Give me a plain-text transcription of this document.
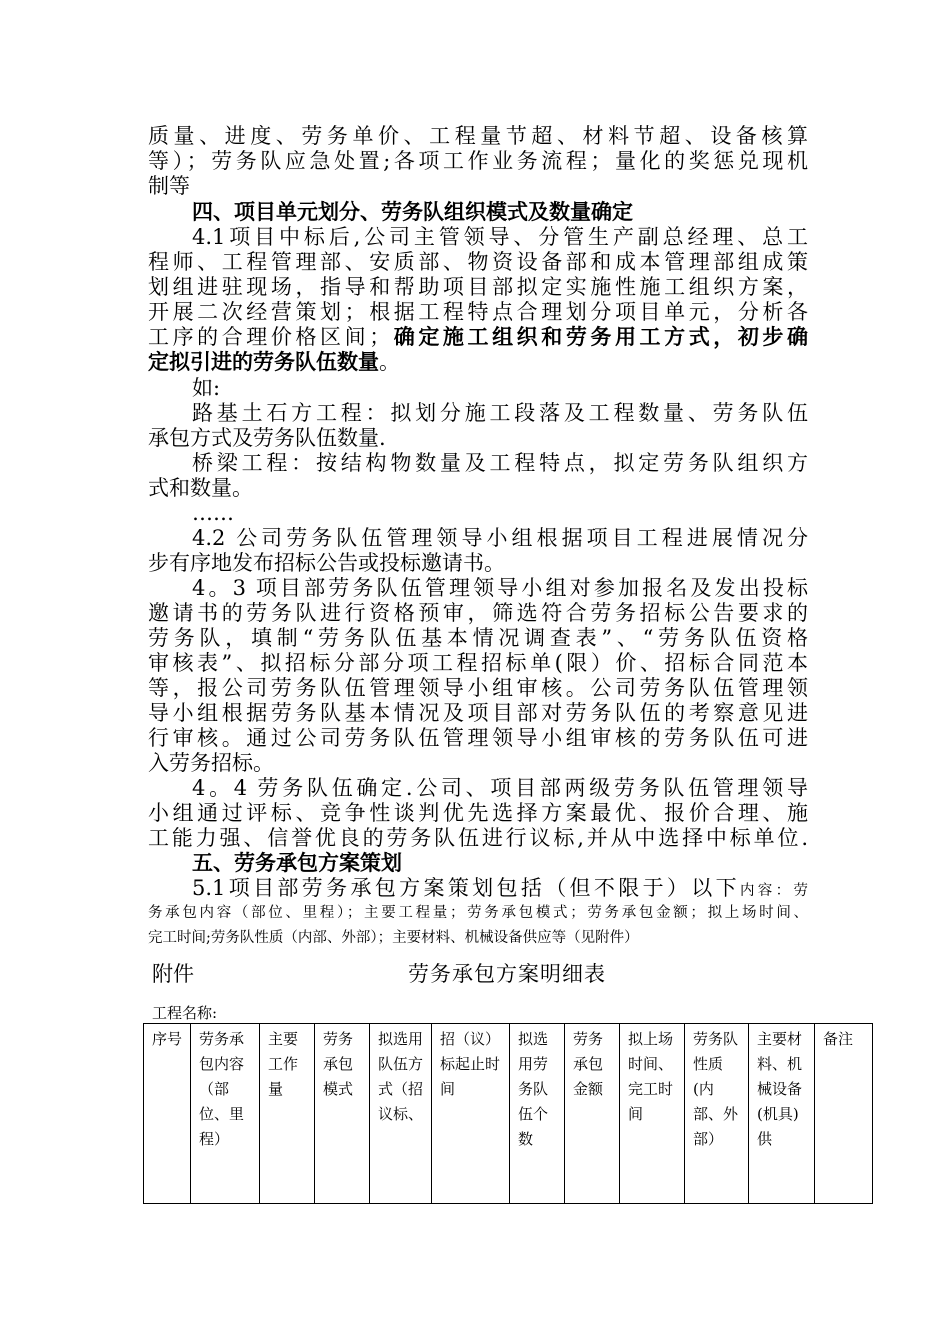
质量、进度、劳务单价、工程量节超、材料节超、设备核算
等）；劳务队应急处置;各项工作业务流程；量化的奖惩兑现机
制等
四、项目单元划分、劳务队组织模式及数量确定
4.1项目中标后,公司主管领导、分管生产副总经理、总工
程师、工程管理部、安质部、物资设备部和成本管理部组成策
划组进驻现场，指导和帮助项目部拟定实施性施工组织方案，
开展二次经营策划；根据工程特点合理划分项目单元，分析各
工序的合理价格区间；确定施工组织和劳务用工方式，初步确
定拟引进的劳务队伍数量。
如:
路基土石方工程：拟划分施工段落及工程数量、劳务队伍
承包方式及劳务队伍数量.
桥梁工程：按结构物数量及工程特点，拟定劳务队组织方
式和数量。
……
4.2 公司劳务队伍管理领导小组根据项目工程进展情况分
步有序地发布招标公告或投标邀请书。
4。3 项目部劳务队伍管理领导小组对参加报名及发出投标
邀请书的劳务队进行资格预审，筛选符合劳务招标公告要求的
劳务队，填制“劳务队伍基本情况调查表”、“劳务队伍资格
审核表”、拟招标分部分项工程招标单(限）价、招标合同范本
等，报公司劳务队伍管理领导小组审核。公司劳务队伍管理领
导小组根据劳务队基本情况及项目部对劳务队伍的考察意见进
行审核。通过公司劳务队伍管理领导小组审核的劳务队伍可进
入劳务招标。
4。4 劳务队伍确定.公司、项目部两级劳务队伍管理领导
小组通过评标、竞争性谈判优先选择方案最优、报价合理、施
工能力强、信誉优良的劳务队伍进行议标,并从中选择中标单位.
五、劳务承包方案策划
5.1项目部劳务承包方案策划包括（但不限于）以下内容：劳
务承包内容（部位、里程）；主要工程量；劳务承包模式；劳务承包金额；拟上场时间、
完工时间;劳务队性质（内部、外部）；主要材料、机械设备供应等（见附件）
附件	劳务承包方案明细表
工程名称:
序号	劳务承包内容（部位、里程）	主要工作量	劳务承包模式	拟选用队伍方式（招议标、	招（议）标起止时间	拟选用劳务队伍个数	劳务承包金额	拟上场时间、完工时间	劳务队性质(内部、外部）	主要材料、机械设备(机具)供	备注
